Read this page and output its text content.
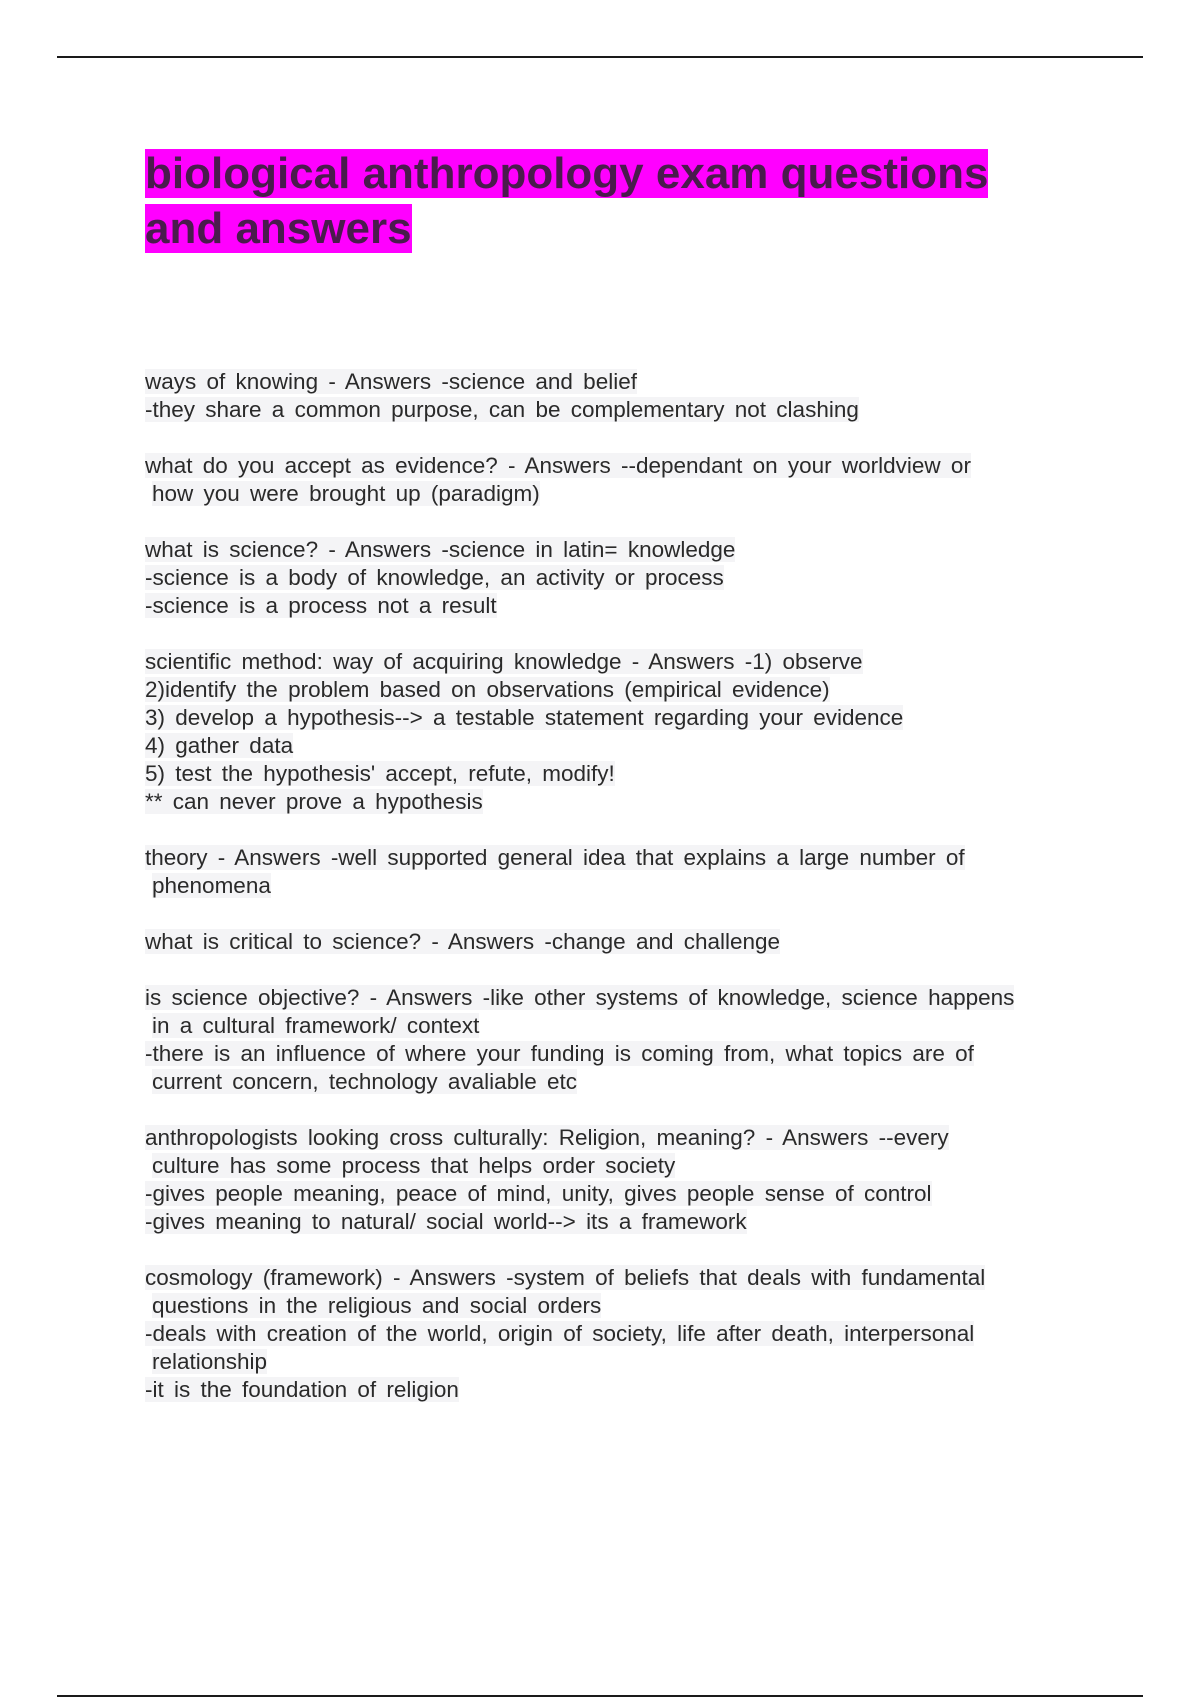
biological anthropology exam questions
and answers
ways of knowing - Answers -science and belief
-they share a common purpose, can be complementary not clashing
what do you accept as evidence? - Answers --dependant on your worldview or
how you were brought up (paradigm)
what is science? - Answers -science in latin= knowledge
-science is a body of knowledge, an activity or process
-science is a process not a result
scientific method: way of acquiring knowledge - Answers -1) observe
2)identify the problem based on observations (empirical evidence)
3) develop a hypothesis--> a testable statement regarding your evidence
4) gather data
5) test the hypothesis' accept, refute, modify!
** can never prove a hypothesis
theory - Answers -well supported general idea that explains a large number of
phenomena
what is critical to science? - Answers -change and challenge
is science objective? - Answers -like other systems of knowledge, science happens
in a cultural framework/ context
-there is an influence of where your funding is coming from, what topics are of
current concern, technology avaliable etc
anthropologists looking cross culturally: Religion, meaning? - Answers --every
culture has some process that helps order society
-gives people meaning, peace of mind, unity, gives people sense of control
-gives meaning to natural/ social world--> its a framework
cosmology (framework) - Answers -system of beliefs that deals with fundamental
questions in the religious and social orders
-deals with creation of the world, origin of society, life after death, interpersonal
relationship
-it is the foundation of religion
